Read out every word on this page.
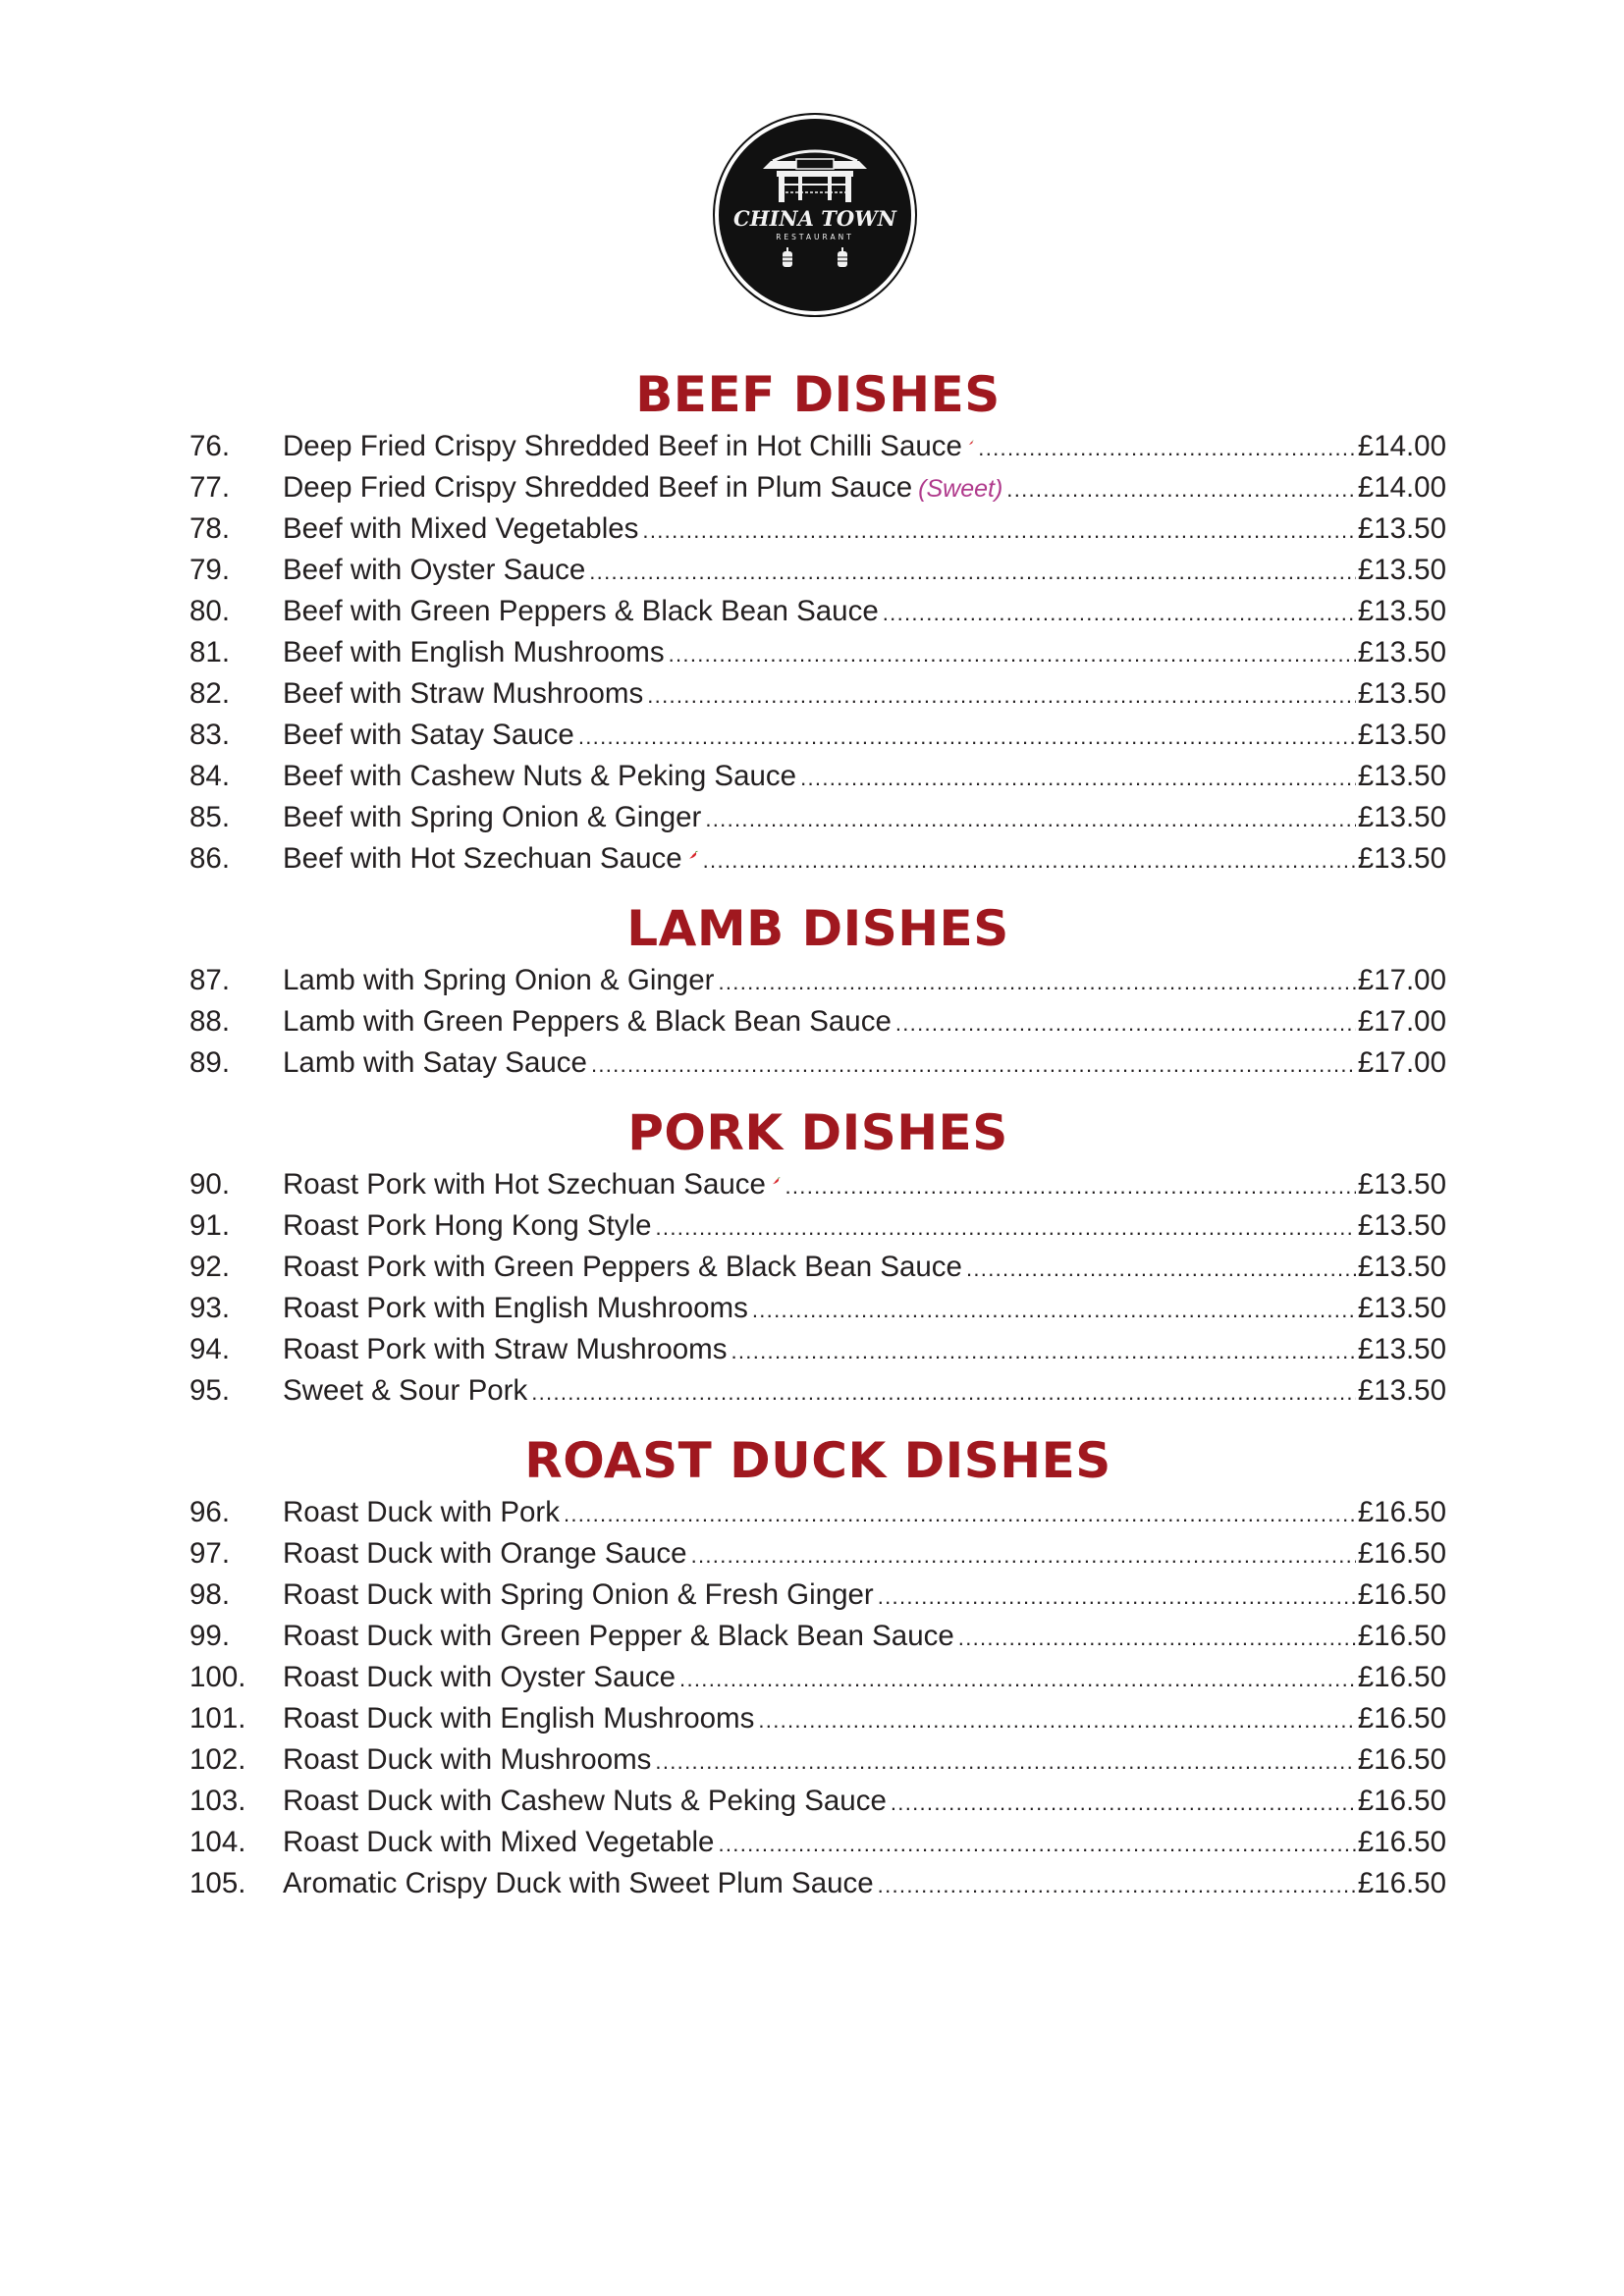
CHINA TOWN
RESTAURANT
BEEF DISHES
76.	Deep Fried Crispy Shredded Beef in Hot Chilli Sauce .....	£14.00
77.	Deep Fried Crispy Shredded Beef in Plum Sauce (Sweet) .....	£14.00
78.	Beef with Mixed Vegetables .....	£13.50
79.	Beef with Oyster Sauce .....	£13.50
80.	Beef with Green Peppers & Black Bean Sauce .....	£13.50
81.	Beef with English Mushrooms .....	£13.50
82.	Beef with Straw Mushrooms .....	£13.50
83.	Beef with Satay Sauce .....	£13.50
84.	Beef with Cashew Nuts & Peking Sauce .....	£13.50
85.	Beef with Spring Onion & Ginger .....	£13.50
86.	Beef with Hot Szechuan Sauce .....	£13.50
LAMB DISHES
87.	Lamb with Spring Onion & Ginger .....	£17.00
88.	Lamb with Green Peppers & Black Bean Sauce .....	£17.00
89.	Lamb with Satay Sauce .....	£17.00
PORK DISHES
90.	Roast Pork with Hot Szechuan Sauce .....	£13.50
91.	Roast Pork Hong Kong Style .....	£13.50
92.	Roast Pork with Green Peppers & Black Bean Sauce .....	£13.50
93.	Roast Pork with English Mushrooms .....	£13.50
94.	Roast Pork with Straw Mushrooms .....	£13.50
95.	Sweet & Sour Pork .....	£13.50
ROAST DUCK DISHES
96.	Roast Duck with Pork .....	£16.50
97.	Roast Duck with Orange Sauce .....	£16.50
98.	Roast Duck with Spring Onion & Fresh Ginger .....	£16.50
99.	Roast Duck with Green Pepper & Black Bean Sauce .....	£16.50
100.	Roast Duck with Oyster Sauce .....	£16.50
101.	Roast Duck with English Mushrooms .....	£16.50
102.	Roast Duck with Mushrooms .....	£16.50
103.	Roast Duck with Cashew Nuts & Peking Sauce .....	£16.50
104.	Roast Duck with Mixed Vegetable .....	£16.50
105.	Aromatic Crispy Duck with Sweet Plum Sauce .....	£16.50
